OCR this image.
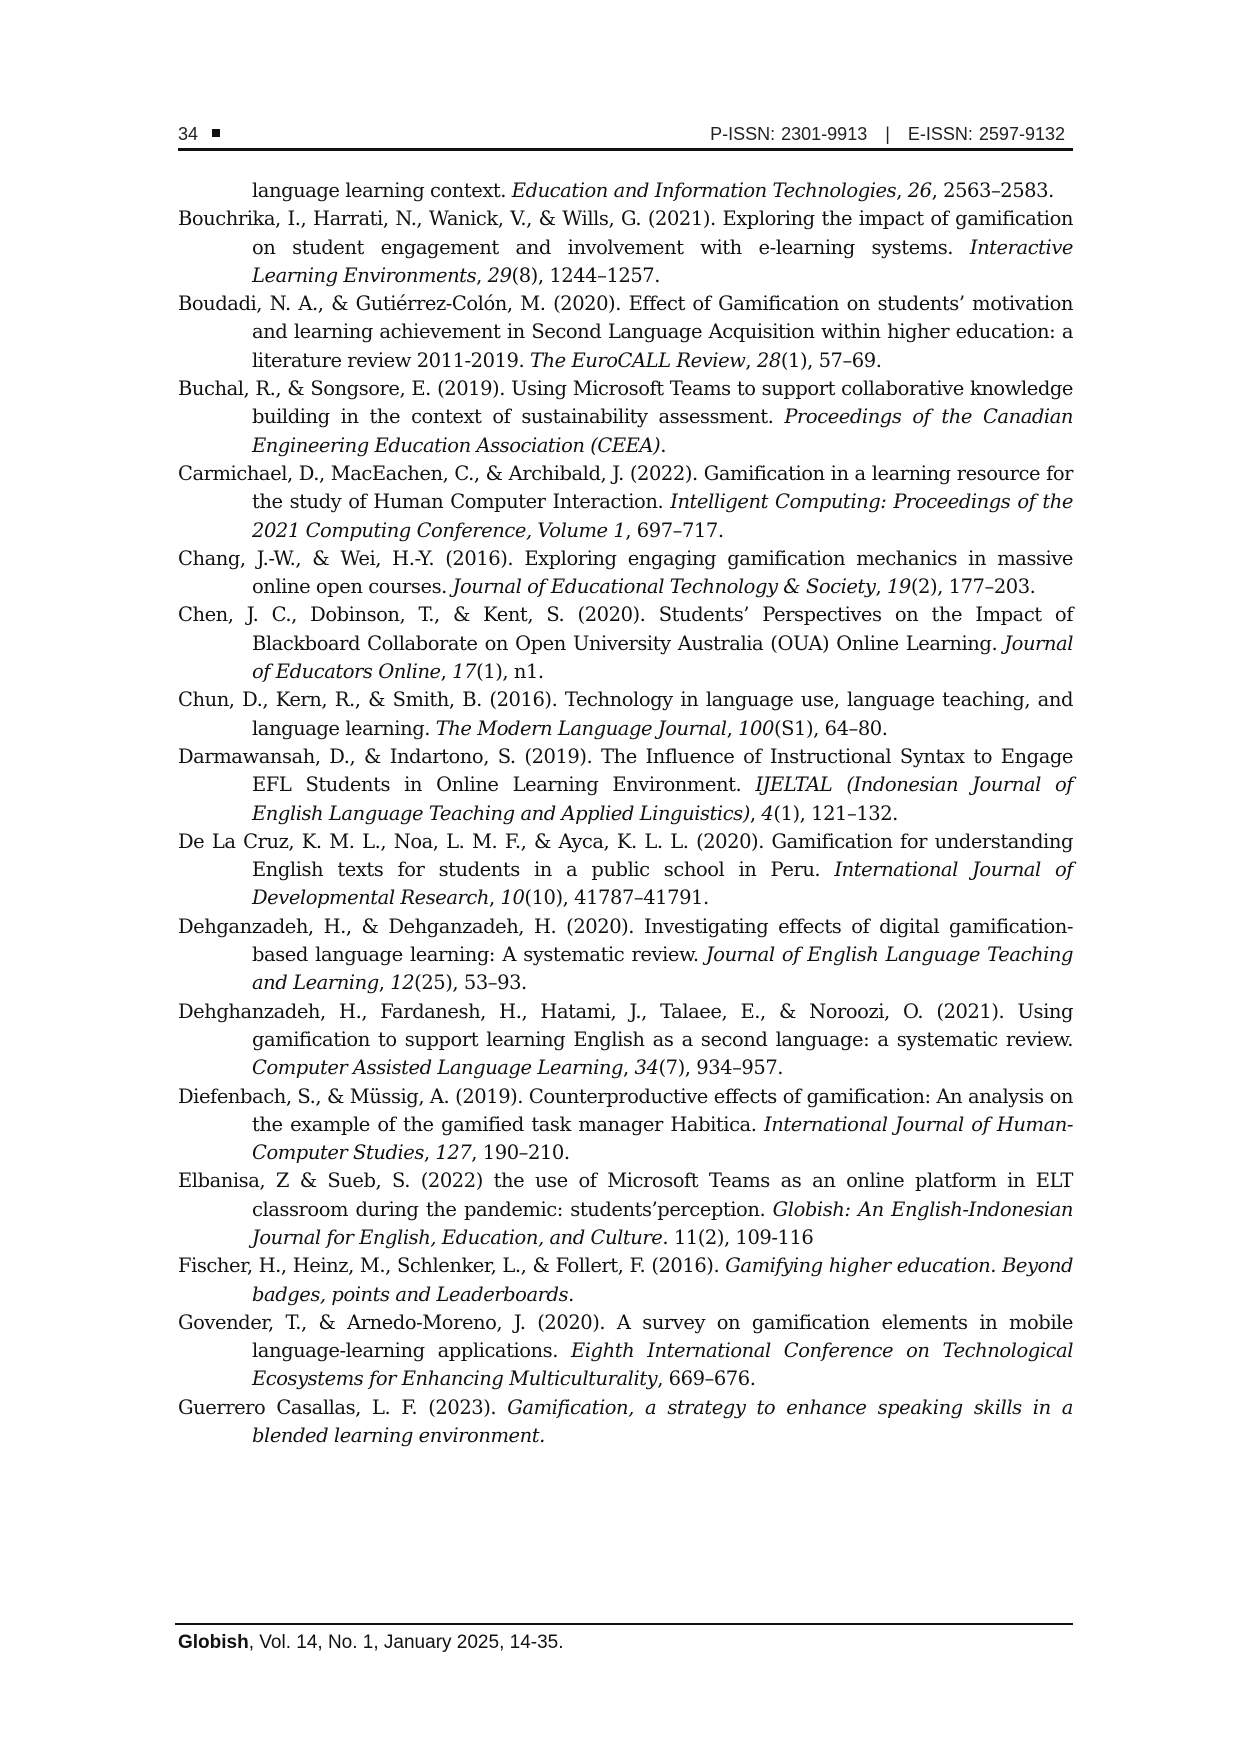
34	P-ISSN: 2301-9913   |   E-ISSN: 2597-9132

language learning context. Education and Information Technologies, 26, 2563–2583.

Bouchrika, I., Harrati, N., Wanick, V., & Wills, G. (2021). Exploring the impact of gamification on student engagement and involvement with e-learning systems. Interactive Learning Environments, 29(8), 1244–1257.

Boudadi, N. A., & Gutiérrez-Colón, M. (2020). Effect of Gamification on students’ motivation and learning achievement in Second Language Acquisition within higher education: a literature review 2011-2019. The EuroCALL Review, 28(1), 57–69.

Buchal, R., & Songsore, E. (2019). Using Microsoft Teams to support collaborative knowledge building in the context of sustainability assessment. Proceedings of the Canadian Engineering Education Association (CEEA).

Carmichael, D., MacEachen, C., & Archibald, J. (2022). Gamification in a learning resource for the study of Human Computer Interaction. Intelligent Computing: Proceedings of the 2021 Computing Conference, Volume 1, 697–717.

Chang, J.-W., & Wei, H.-Y. (2016). Exploring engaging gamification mechanics in massive online open courses. Journal of Educational Technology & Society, 19(2), 177–203.

Chen, J. C., Dobinson, T., & Kent, S. (2020). Students’ Perspectives on the Impact of Blackboard Collaborate on Open University Australia (OUA) Online Learning. Journal of Educators Online, 17(1), n1.

Chun, D., Kern, R., & Smith, B. (2016). Technology in language use, language teaching, and language learning. The Modern Language Journal, 100(S1), 64–80.

Darmawansah, D., & Indartono, S. (2019). The Influence of Instructional Syntax to Engage EFL Students in Online Learning Environment. IJELTAL (Indonesian Journal of English Language Teaching and Applied Linguistics), 4(1), 121–132.

De La Cruz, K. M. L., Noa, L. M. F., & Ayca, K. L. L. (2020). Gamification for understanding English texts for students in a public school in Peru. International Journal of Developmental Research, 10(10), 41787–41791.

Dehganzadeh, H., & Dehganzadeh, H. (2020). Investigating effects of digital gamification-based language learning: A systematic review. Journal of English Language Teaching and Learning, 12(25), 53–93.

Dehghanzadeh, H., Fardanesh, H., Hatami, J., Talaee, E., & Noroozi, O. (2021). Using gamification to support learning English as a second language: a systematic review. Computer Assisted Language Learning, 34(7), 934–957.

Diefenbach, S., & Müssig, A. (2019). Counterproductive effects of gamification: An analysis on the example of the gamified task manager Habitica. International Journal of Human-Computer Studies, 127, 190–210.

Elbanisa, Z & Sueb, S. (2022) the use of Microsoft Teams as an online platform in ELT classroom during the pandemic: students’perception. Globish: An English-Indonesian Journal for English, Education, and Culture. 11(2), 109-116

Fischer, H., Heinz, M., Schlenker, L., & Follert, F. (2016). Gamifying higher education. Beyond badges, points and Leaderboards.

Govender, T., & Arnedo-Moreno, J. (2020). A survey on gamification elements in mobile language-learning applications. Eighth International Conference on Technological Ecosystems for Enhancing Multiculturality, 669–676.

Guerrero Casallas, L. F. (2023). Gamification, a strategy to enhance speaking skills in a blended learning environment.

Globish, Vol. 14, No. 1, January 2025, 14-35.
